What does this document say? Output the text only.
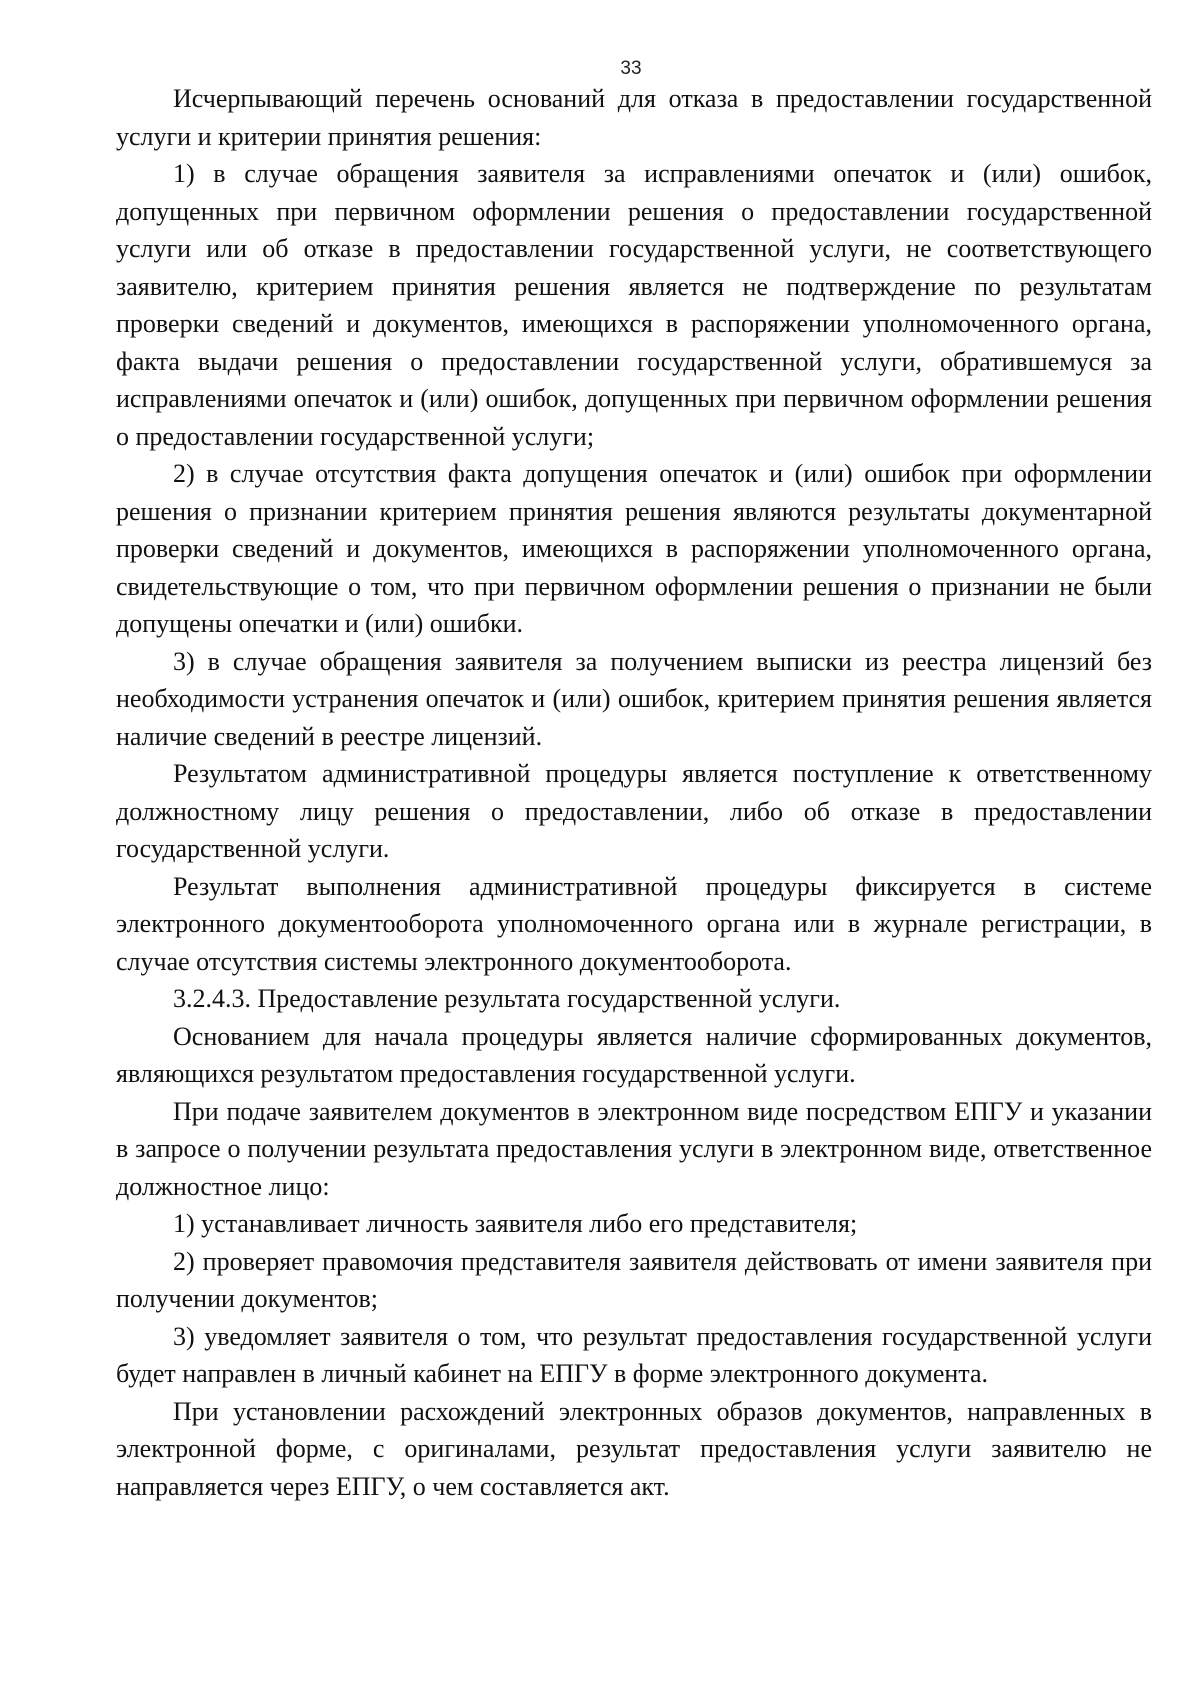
33

Исчерпывающий перечень оснований для отказа в предоставлении государственной услуги и критерии принятия решения:

1) в случае обращения заявителя за исправлениями опечаток и (или) ошибок, допущенных при первичном оформлении решения о предоставлении государственной услуги или об отказе в предоставлении государственной услуги, не соответствующего заявителю, критерием принятия решения является не подтверждение по результатам проверки сведений и документов, имеющихся в распоряжении уполномоченного органа, факта выдачи решения о предоставлении государственной услуги, обратившемуся за исправлениями опечаток и (или) ошибок, допущенных при первичном оформлении решения о предоставлении государственной услуги;

2) в случае отсутствия факта допущения опечаток и (или) ошибок при оформлении решения о признании критерием принятия решения являются результаты документарной проверки сведений и документов, имеющихся в распоряжении уполномоченного органа, свидетельствующие о том, что при первичном оформлении решения о признании не были допущены опечатки и (или) ошибки.

3) в случае обращения заявителя за получением выписки из реестра лицензий без необходимости устранения опечаток и (или) ошибок, критерием принятия решения является наличие сведений в реестре лицензий.

Результатом административной процедуры является поступление к ответственному должностному лицу решения о предоставлении, либо об отказе в предоставлении государственной услуги.

Результат выполнения административной процедуры фиксируется в системе электронного документооборота уполномоченного органа или в журнале регистрации, в случае отсутствия системы электронного документооборота.

3.2.4.3. Предоставление результата государственной услуги.

Основанием для начала процедуры является наличие сформированных документов, являющихся результатом предоставления государственной услуги.

При подаче заявителем документов в электронном виде посредством ЕПГУ и указании в запросе о получении результата предоставления услуги в электронном виде, ответственное должностное лицо:

1) устанавливает личность заявителя либо его представителя;

2) проверяет правомочия представителя заявителя действовать от имени заявителя при получении документов;

3) уведомляет заявителя о том, что результат предоставления государственной услуги будет направлен в личный кабинет на ЕПГУ в форме электронного документа.

При установлении расхождений электронных образов документов, направленных в электронной форме, с оригиналами, результат предоставления услуги заявителю не направляется через ЕПГУ, о чем составляется акт.
